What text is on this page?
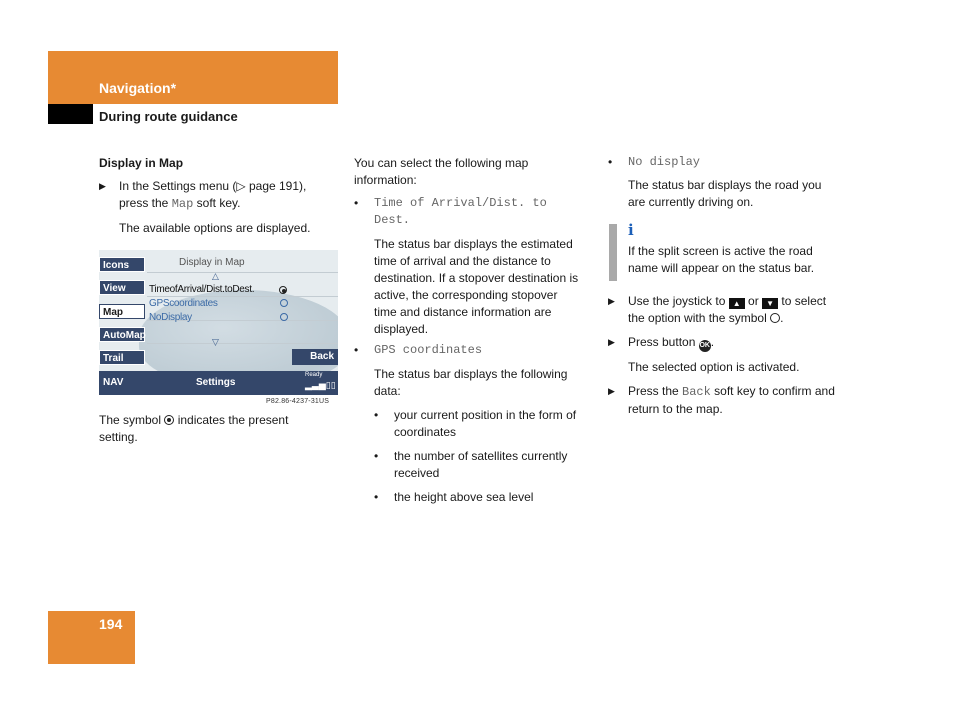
Navigation*
During route guidance

Display in Map

▶ In the Settings menu (▷ page 191),

press the Map soft key.

The available options are displayed.

Display in Map
△
▽
Icons
View
Map
AutoMap
Trail	Back
TimeofArrival/Dist.toDest.
GPScoordinates
NoDisplay
NAV	Settings
Ready
▂▃▅▯▯
P82.86-4237-31US

The symbol  indicates the present

setting.

You can select the following map

information:

• Time of Arrival/Dist. to

Dest.

The status bar displays the estimated

time of arrival and the distance to

destination. If a stopover destination is

active, the corresponding stopover

time and distance information are

displayed.

• GPS coordinates

The status bar displays the following

data:

• your current position in the form of

coordinates

• the number of satellites currently

received

• the height above sea level

• No display

The status bar displays the road you

are currently driving on.

i

If the split screen is active the road

name will appear on the status bar.

▶ Use the joystick to ▲ or ▼ to select

the option with the symbol .

▶ Press button OK.

The selected option is activated.

▶ Press the Back soft key to confirm and

return to the map.

194
